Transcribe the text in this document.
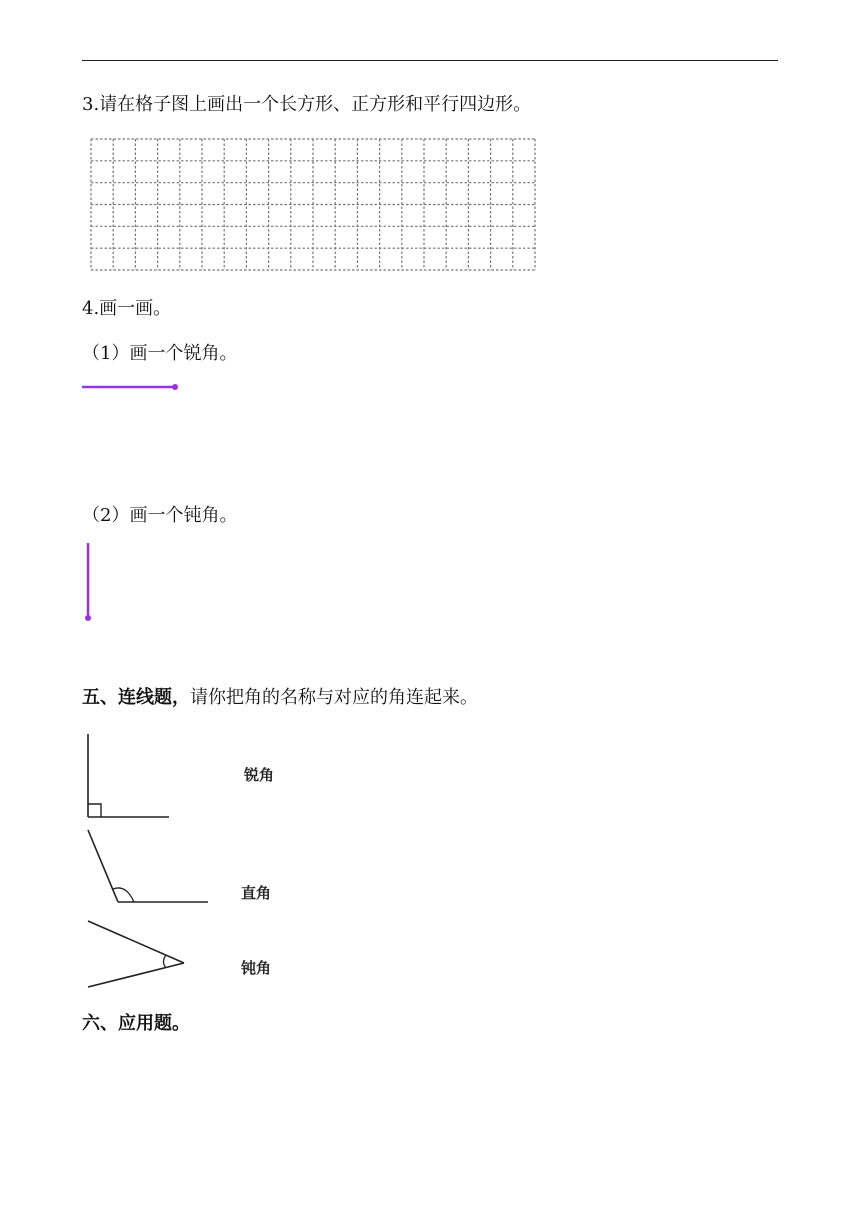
3.请在格子图上画出一个长方形、正方形和平行四边形。
4.画一画。
（1）画一个锐角。
（2）画一个钝角。
五、连线题，请你把角的名称与对应的角连起来。
锐角
直角
钝角
六、应用题。
